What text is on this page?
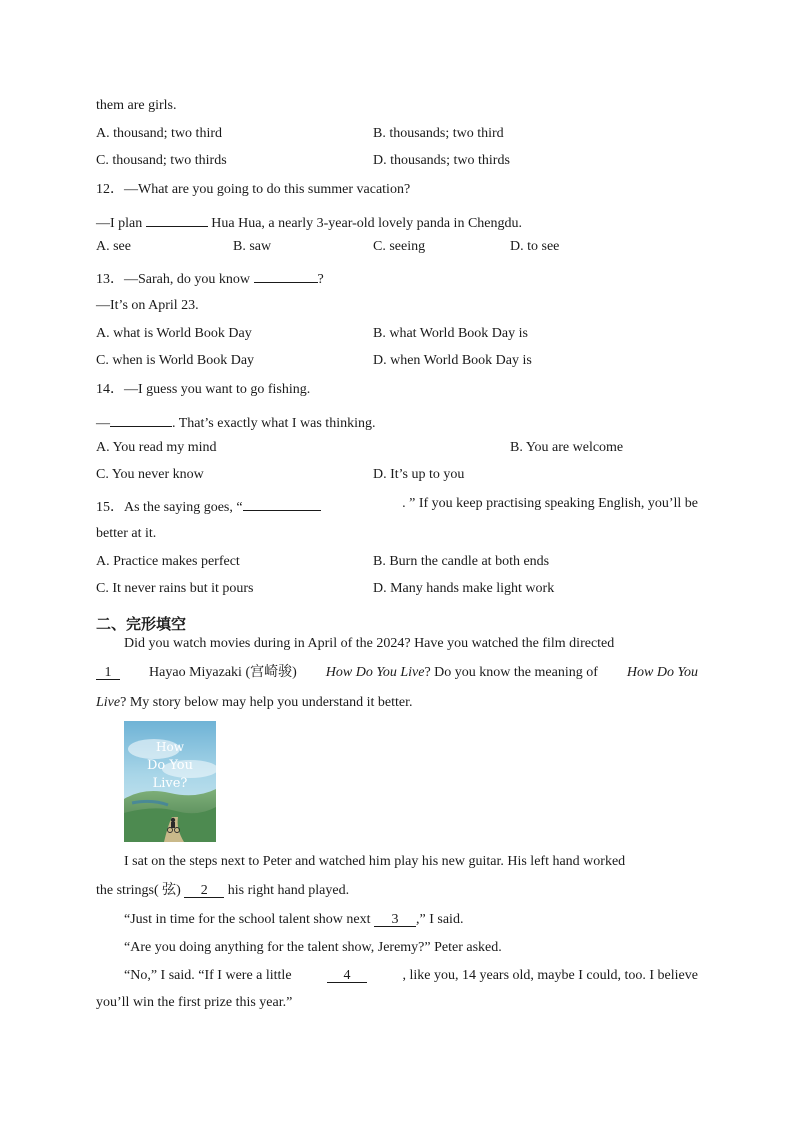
them are girls.
A. thousand; two third	B. thousands; two third
C. thousand; two thirds	D. thousands; two thirds
12．—What are you going to do this summer vacation?
—I plan	Hua Hua, a nearly 3-year-old lovely panda in Chengdu.
A. see	B. saw	C. seeing	D. to see
13．—Sarah, do you know	?
—It’s on April 23.
A. what is World Book Day	B. what World Book Day is
C. when is World Book Day	D. when World Book Day is
14．—I guess you want to go fishing.
—	. That’s exactly what I was thinking.
A. You read my mind	B. You are welcome
C. You never know	D. It’s up to you
15．As the saying goes, “	. ” If you keep practising speaking English, you’ll be
better at it.
A. Practice makes perfect	B. Burn the candle at both ends
C. It never rains but it pours	D. Many hands make light work
二、完形填空
Did you watch movies during in April of the 2024? Have you watched the film directed
1	Hayao Miyazaki (宫崎骏) How Do You Live? Do you know the meaning of How Do You
Live? My story below may help you understand it better.
How
Do You
Live?
I sat on the steps next to Peter and watched him play his new guitar. His left hand worked
the strings( 弦) 2 his right hand played.
“Just in time for the school talent show next 3 ,” I said.
“Are you doing anything for the talent show, Jeremy?” Peter asked.
“No,” I said. “If I were a little	4	, like you, 14 years old, maybe I could, too. I believe
you’ll win the first prize this year.”
